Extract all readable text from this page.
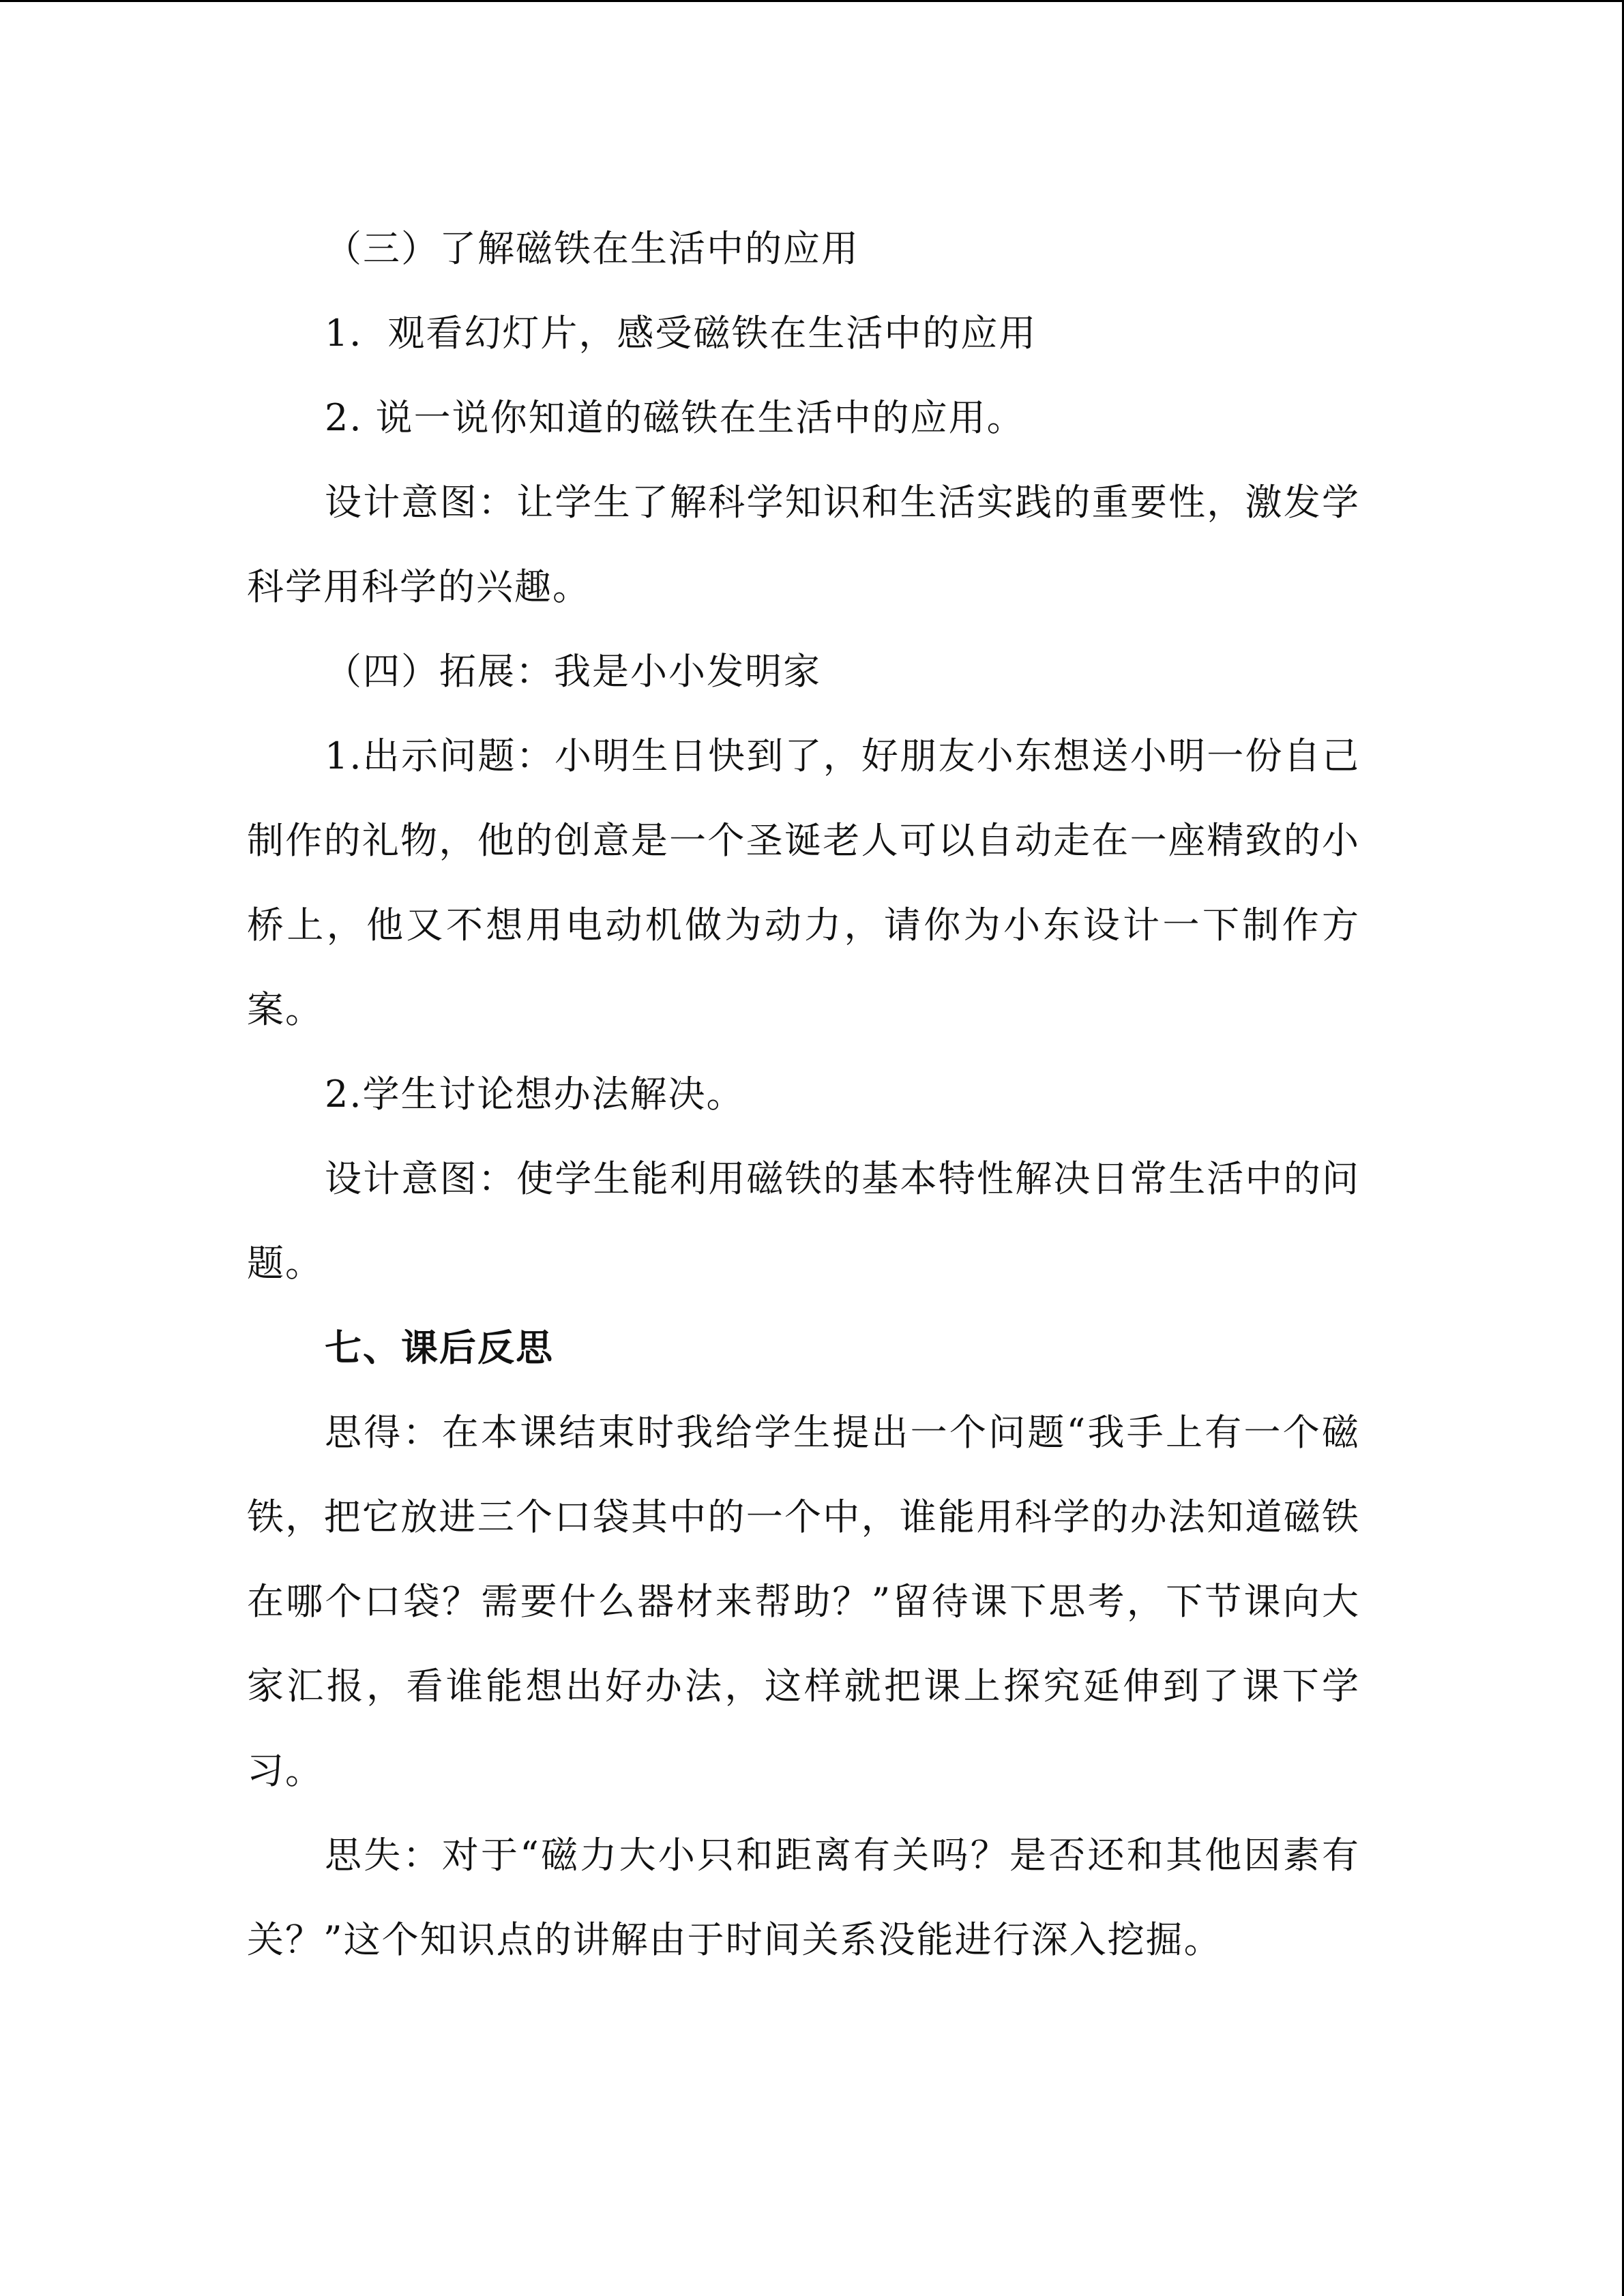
（三）了解磁铁在生活中的应用

1．观看幻灯片，感受磁铁在生活中的应用

2. 说一说你知道的磁铁在生活中的应用。

设计意图：让学生了解科学知识和生活实践的重要性，激发学科学用科学的兴趣。

（四）拓展：我是小小发明家

1.出示问题：小明生日快到了，好朋友小东想送小明一份自己制作的礼物，他的创意是一个圣诞老人可以自动走在一座精致的小桥上，他又不想用电动机做为动力，请你为小东设计一下制作方案。

2.学生讨论想办法解决。

设计意图：使学生能利用磁铁的基本特性解决日常生活中的问题。

七、课后反思

思得：在本课结束时我给学生提出一个问题“我手上有一个磁铁，把它放进三个口袋其中的一个中，谁能用科学的办法知道磁铁在哪个口袋？需要什么器材来帮助？”留待课下思考，下节课向大家汇报，看谁能想出好办法，这样就把课上探究延伸到了课下学习。

思失：对于“磁力大小只和距离有关吗？是否还和其他因素有关？”这个知识点的讲解由于时间关系没能进行深入挖掘。
